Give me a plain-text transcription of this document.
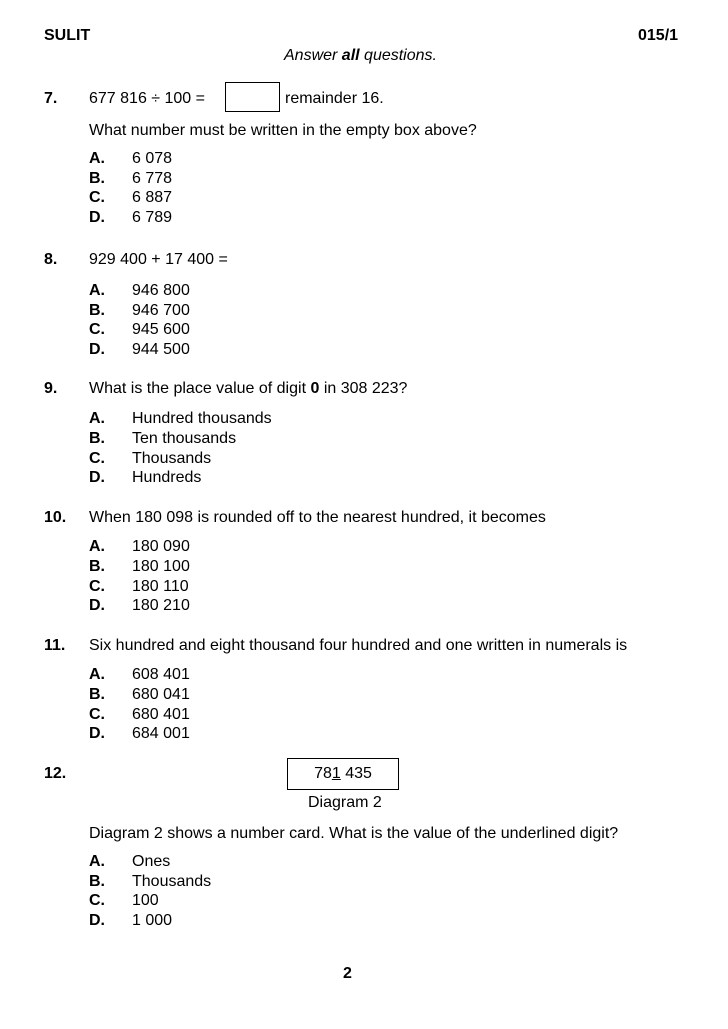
SULIT	015/1
Answer all questions.
7. 677 816 ÷ 100 =	remainder 16.
What number must be written in the empty box above?
A. 6 078
B. 6 778
C. 6 887
D. 6 789
8. 929 400 + 17 400 =
A. 946 800
B. 946 700
C. 945 600
D. 944 500
9. What is the place value of digit 0 in 308 223?
A. Hundred thousands
B. Ten thousands
C. Thousands
D. Hundreds
10. When 180 098 is rounded off to the nearest hundred, it becomes
A. 180 090
B. 180 100
C. 180 110
D. 180 210
11. Six hundred and eight thousand four hundred and one written in numerals is
A. 608 401
B. 680 041
C. 680 401
D. 684 001
12.	781 435
Diagram 2
Diagram 2 shows a number card. What is the value of the underlined digit?
A. Ones
B. Thousands
C. 100
D. 1 000
2
